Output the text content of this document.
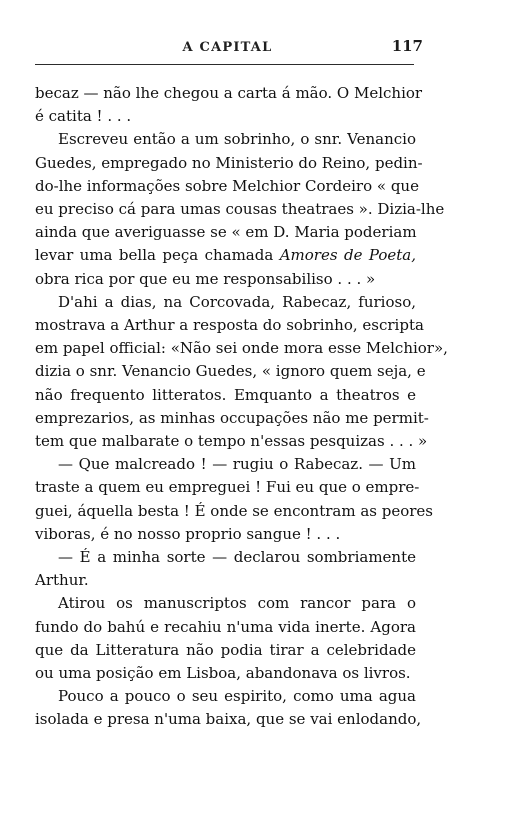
A CAPITAL	117
becaz — não lhe chegou a carta á mão. O Melchior
é catita ! . . .
Escreveu então a um sobrinho, o snr. Venancio
Guedes, empregado no Ministerio do Reino, pedin-
do-lhe informações sobre Melchior Cordeiro « que
eu preciso cá para umas cousas theatraes ». Dizia-lhe
ainda que averiguasse se « em D. Maria poderiam
levar uma bella peça chamada Amores de Poeta,
obra rica por que eu me responsabiliso . . . »
D'ahi a dias, na Corcovada, Rabecaz, furioso,
mostrava a Arthur a resposta do sobrinho, escripta
em papel official: «Não sei onde mora esse Melchior»,
dizia o snr. Venancio Guedes, « ignoro quem seja, e
não frequento litteratos. Emquanto a theatros e
emprezarios, as minhas occupações não me permit-
tem que malbarate o tempo n'essas pesquizas . . . »
— Que malcreado ! — rugiu o Rabecaz. — Um
traste a quem eu empreguei ! Fui eu que o empre-
guei, áquella besta ! É onde se encontram as peores
viboras, é no nosso proprio sangue ! . . .
— É a minha sorte — declarou sombriamente
Arthur.
Atirou os manuscriptos com rancor para o
fundo do bahú e recahiu n'uma vida inerte. Agora
que da Litteratura não podia tirar a celebridade
ou uma posição em Lisboa, abandonava os livros.
Pouco a pouco o seu espirito, como uma agua
isolada e presa n'uma baixa, que se vai enlodando,
